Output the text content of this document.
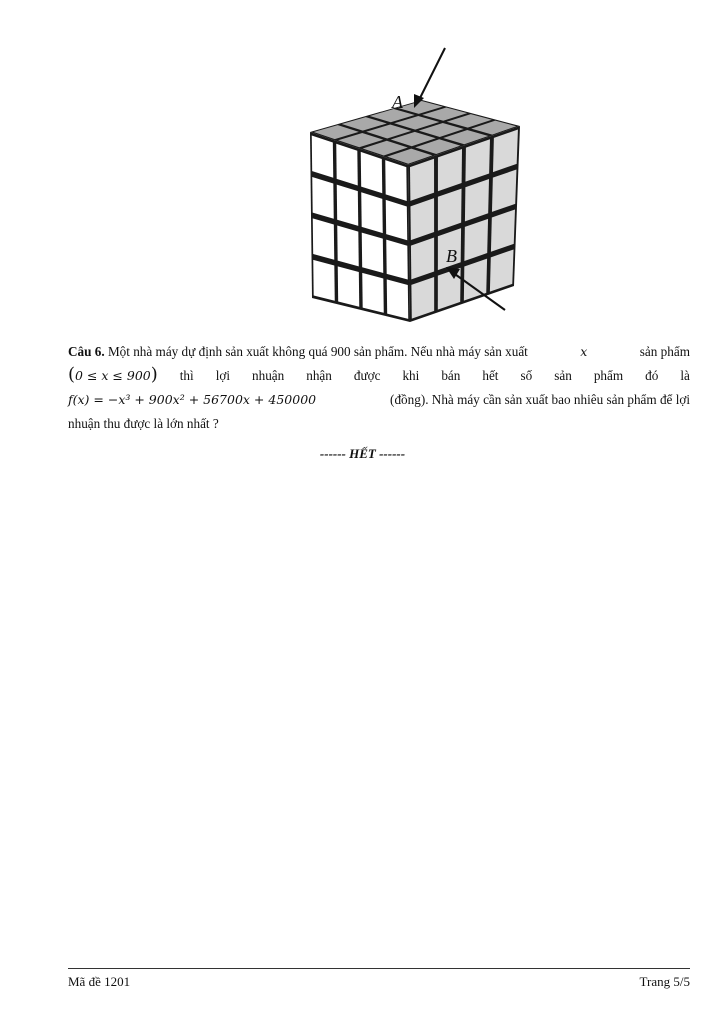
A
B
Câu 6. Một nhà máy dự định sản xuất không quá 900 sản phẩm. Nếu nhà máy sản xuất	x	sản phẩm
(0 ≤ x ≤ 900) thì lợi nhuận nhận được khi bán hết số sản phẩm đó là
f(x) = −x³ + 900x² + 56700x + 450000	(đồng). Nhà máy cần sản xuất bao nhiêu sản phẩm để lợi
nhuận thu được là lớn nhất ?
------ HẾT ------
Mã đề 1201	Trang 5/5
